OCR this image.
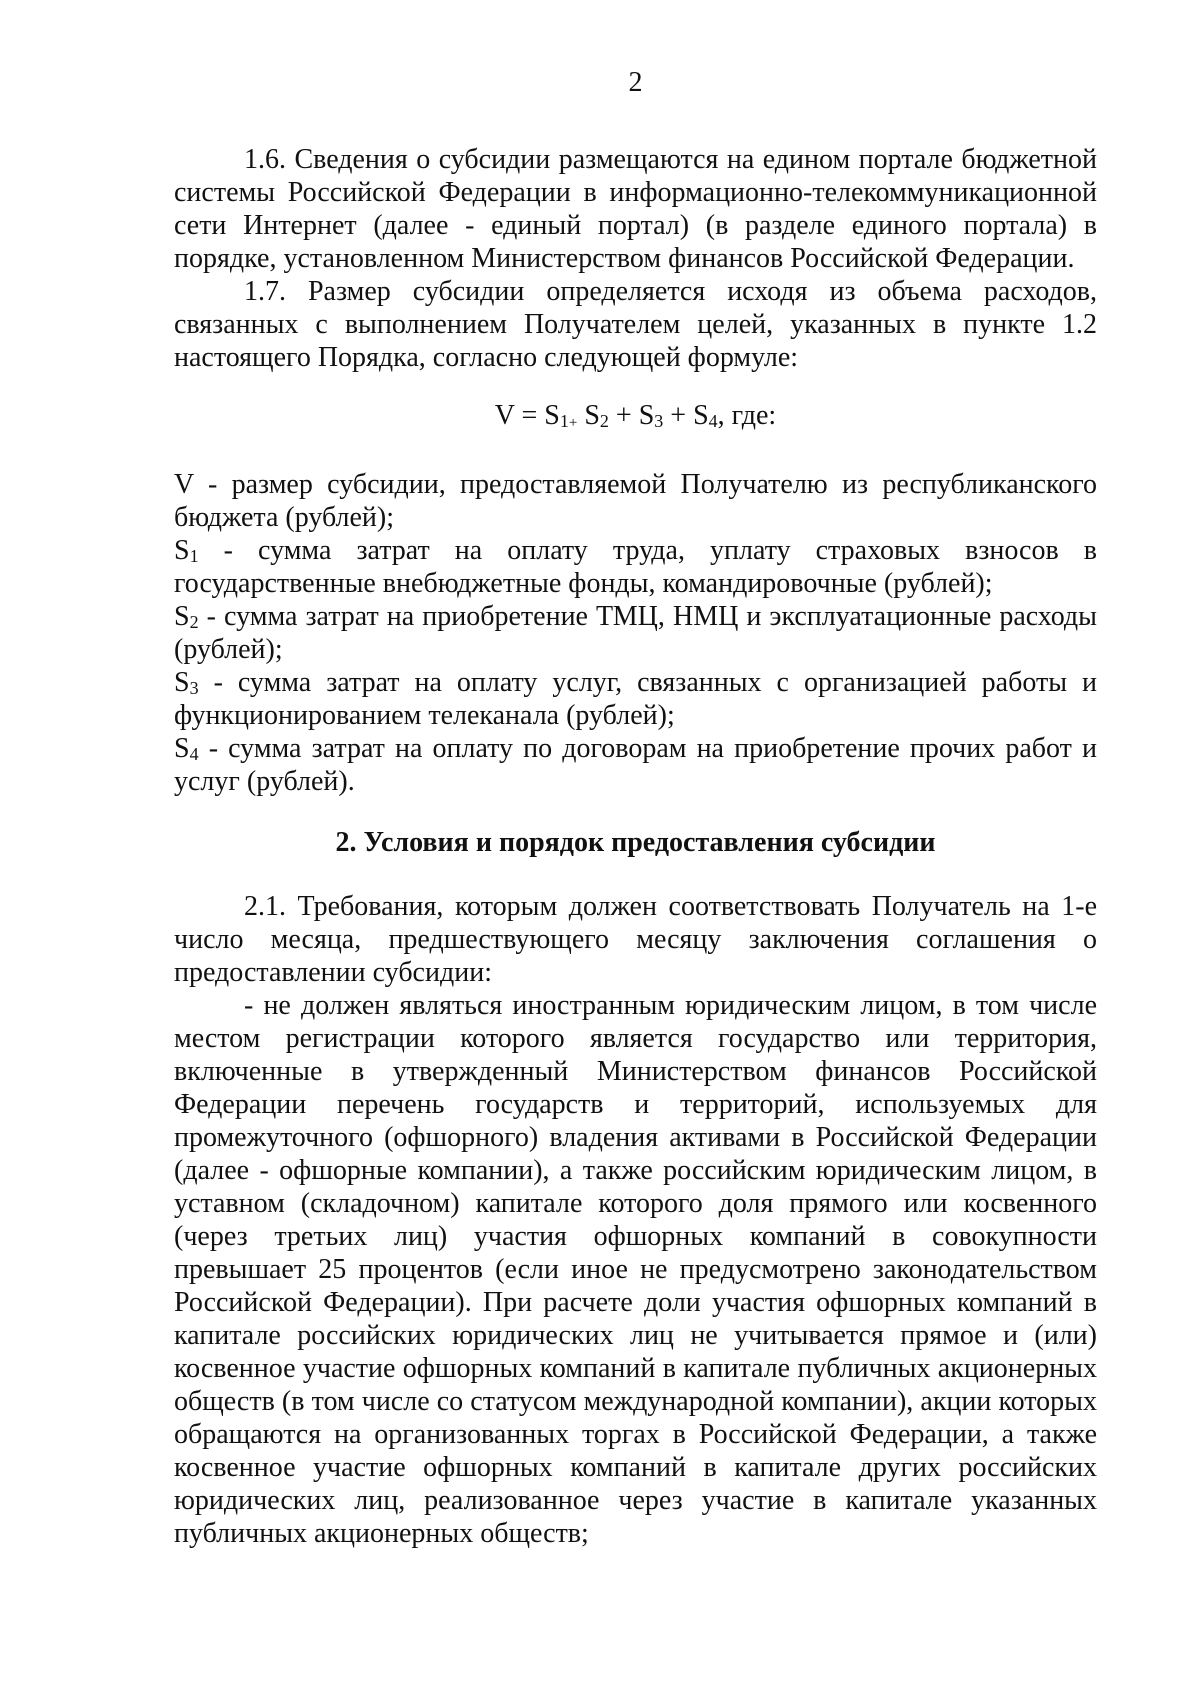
2

1.6. Сведения о субсидии размещаются на едином портале бюджетной системы Российской Федерации в информационно-телекоммуникационной сети Интернет (далее - единый портал) (в разделе единого портала) в порядке, установленном Министерством финансов Российской Федерации.

1.7. Размер субсидии определяется исходя из объема расходов, связанных с выполнением Получателем целей, указанных в пункте 1.2 настоящего Порядка, согласно следующей формуле:

$V = S_1+ S_2 + S_3 + S_4$, где:

V - размер субсидии, предоставляемой Получателю из республиканского бюджета (рублей);

$S_1$ - сумма затрат на оплату труда, уплату страховых взносов в государственные внебюджетные фонды, командировочные (рублей);

$S_2$ - сумма затрат на приобретение ТМЦ, НМЦ и эксплуатационные расходы (рублей);

$S_3$ - сумма затрат на оплату услуг, связанных с организацией работы и функционированием телеканала (рублей);

$S_4$ - сумма затрат на оплату по договорам на приобретение прочих работ и услуг (рублей).

2. Условия и порядок предоставления субсидии

2.1. Требования, которым должен соответствовать Получатель на 1-е число месяца, предшествующего месяцу заключения соглашения о предоставлении субсидии:

- не должен являться иностранным юридическим лицом, в том числе местом регистрации которого является государство или территория, включенные в утвержденный Министерством финансов Российской Федерации перечень государств и территорий, используемых для промежуточного (офшорного) владения активами в Российской Федерации (далее - офшорные компании), а также российским юридическим лицом, в уставном (складочном) капитале которого доля прямого или косвенного (через третьих лиц) участия офшорных компаний в совокупности превышает 25 процентов (если иное не предусмотрено законодательством Российской Федерации). При расчете доли участия офшорных компаний в капитале российских юридических лиц не учитывается прямое и (или) косвенное участие офшорных компаний в капитале публичных акционерных обществ (в том числе со статусом международной компании), акции которых обращаются на организованных торгах в Российской Федерации, а также косвенное участие офшорных компаний в капитале других российских юридических лиц, реализованное через участие в капитале указанных публичных акционерных обществ;
